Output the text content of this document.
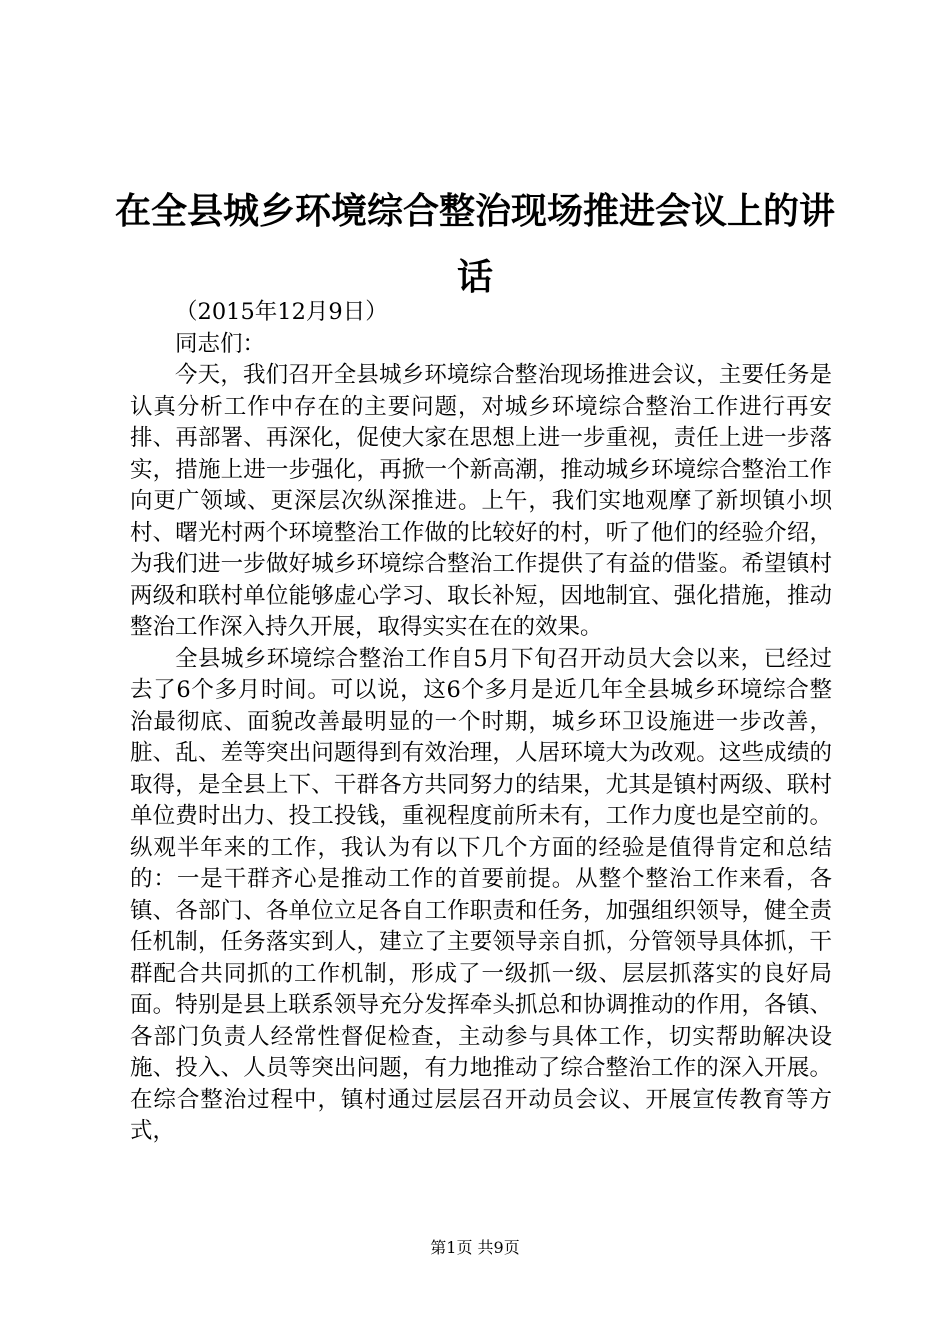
在全县城乡环境综合整治现场推进会议上的讲话

（2015年12月9日）

同志们：

今天，我们召开全县城乡环境综合整治现场推进会议，主要任务是认真分析工作中存在的主要问题，对城乡环境综合整治工作进行再安排、再部署、再深化，促使大家在思想上进一步重视，责任上进一步落实，措施上进一步强化，再掀一个新高潮，推动城乡环境综合整治工作向更广领域、更深层次纵深推进。上午，我们实地观摩了新坝镇小坝村、曙光村两个环境整治工作做的比较好的村，听了他们的经验介绍，为我们进一步做好城乡环境综合整治工作提供了有益的借鉴。希望镇村两级和联村单位能够虚心学习、取长补短，因地制宜、强化措施，推动整治工作深入持久开展，取得实实在在的效果。

全县城乡环境综合整治工作自5月下旬召开动员大会以来，已经过去了6个多月时间。可以说，这6个多月是近几年全县城乡环境综合整治最彻底、面貌改善最明显的一个时期，城乡环卫设施进一步改善，脏、乱、差等突出问题得到有效治理，人居环境大为改观。这些成绩的取得，是全县上下、干群各方共同努力的结果，尤其是镇村两级、联村单位费时出力、投工投钱，重视程度前所未有，工作力度也是空前的。纵观半年来的工作，我认为有以下几个方面的经验是值得肯定和总结的：一是干群齐心是推动工作的首要前提。从整个整治工作来看，各镇、各部门、各单位立足各自工作职责和任务，加强组织领导，健全责任机制，任务落实到人，建立了主要领导亲自抓，分管领导具体抓，干群配合共同抓的工作机制，形成了一级抓一级、层层抓落实的良好局面。特别是县上联系领导充分发挥牵头抓总和协调推动的作用，各镇、各部门负责人经常性督促检查，主动参与具体工作，切实帮助解决设施、投入、人员等突出问题，有力地推动了综合整治工作的深入开展。在综合整治过程中，镇村通过层层召开动员会议、开展宣传教育等方式，

第1页 共9页
